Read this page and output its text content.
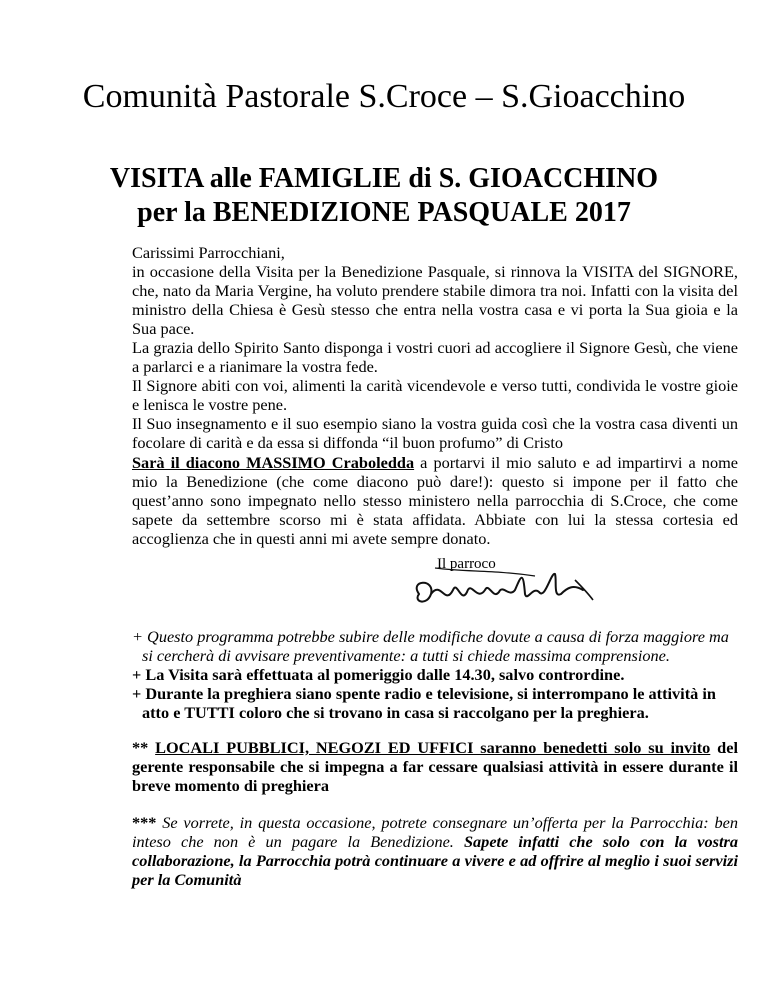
Comunità Pastorale S.Croce – S.Gioacchino
VISITA alle FAMIGLIE di S. GIOACCHINO
per la BENEDIZIONE PASQUALE 2017

Carissimi Parrocchiani,

in occasione della Visita per la Benedizione Pasquale, si rinnova la VISITA del SIGNORE, che, nato da Maria Vergine, ha voluto prendere stabile dimora tra noi. Infatti con la visita del ministro della Chiesa è Gesù stesso che entra nella vostra casa e vi porta la Sua gioia e la Sua pace.

La grazia dello Spirito Santo disponga i vostri cuori ad accogliere il Signore Gesù, che viene a parlarci e a rianimare la vostra fede.

Il Signore abiti con voi, alimenti la carità vicendevole e verso tutti, condivida le vostre gioie e lenisca le vostre pene.

Il Suo insegnamento e il suo esempio siano la vostra guida così che la vostra casa diventi un focolare di carità e da essa si diffonda “il buon profumo” di Cristo

Sarà il diacono MASSIMO Craboledda a portarvi il mio saluto e ad impartirvi a nome mio la Benedizione (che come diacono può dare!): questo si impone per il fatto che quest’anno sono impegnato nello stesso ministero nella parrocchia di S.Croce, che come sapete da settembre scorso mi è stata affidata. Abbiate con lui la stessa cortesia ed accoglienza che in questi anni mi avete sempre donato.

Il parroco

+ Questo programma potrebbe subire delle modifiche dovute a causa di forza maggiore ma

si cercherà di avvisare preventivamente: a tutti si chiede massima comprensione.

+ La Visita sarà effettuata al pomeriggio dalle 14.30, salvo contrordine.

+ Durante la preghiera siano spente radio e televisione, si interrompano le attività in

atto e TUTTI coloro che si trovano in casa si raccolgano per la preghiera.

** LOCALI PUBBLICI, NEGOZI ED UFFICI saranno benedetti solo su invito del gerente responsabile che si impegna a far cessare qualsiasi attività in essere durante il breve momento di preghiera
*** Se vorrete, in questa occasione, potrete consegnare un’offerta per la Parrocchia: ben inteso che non è un pagare la Benedizione. Sapete infatti che solo con la vostra collaborazione, la Parrocchia potrà continuare a vivere e ad offrire al meglio i suoi servizi per la Comunità
